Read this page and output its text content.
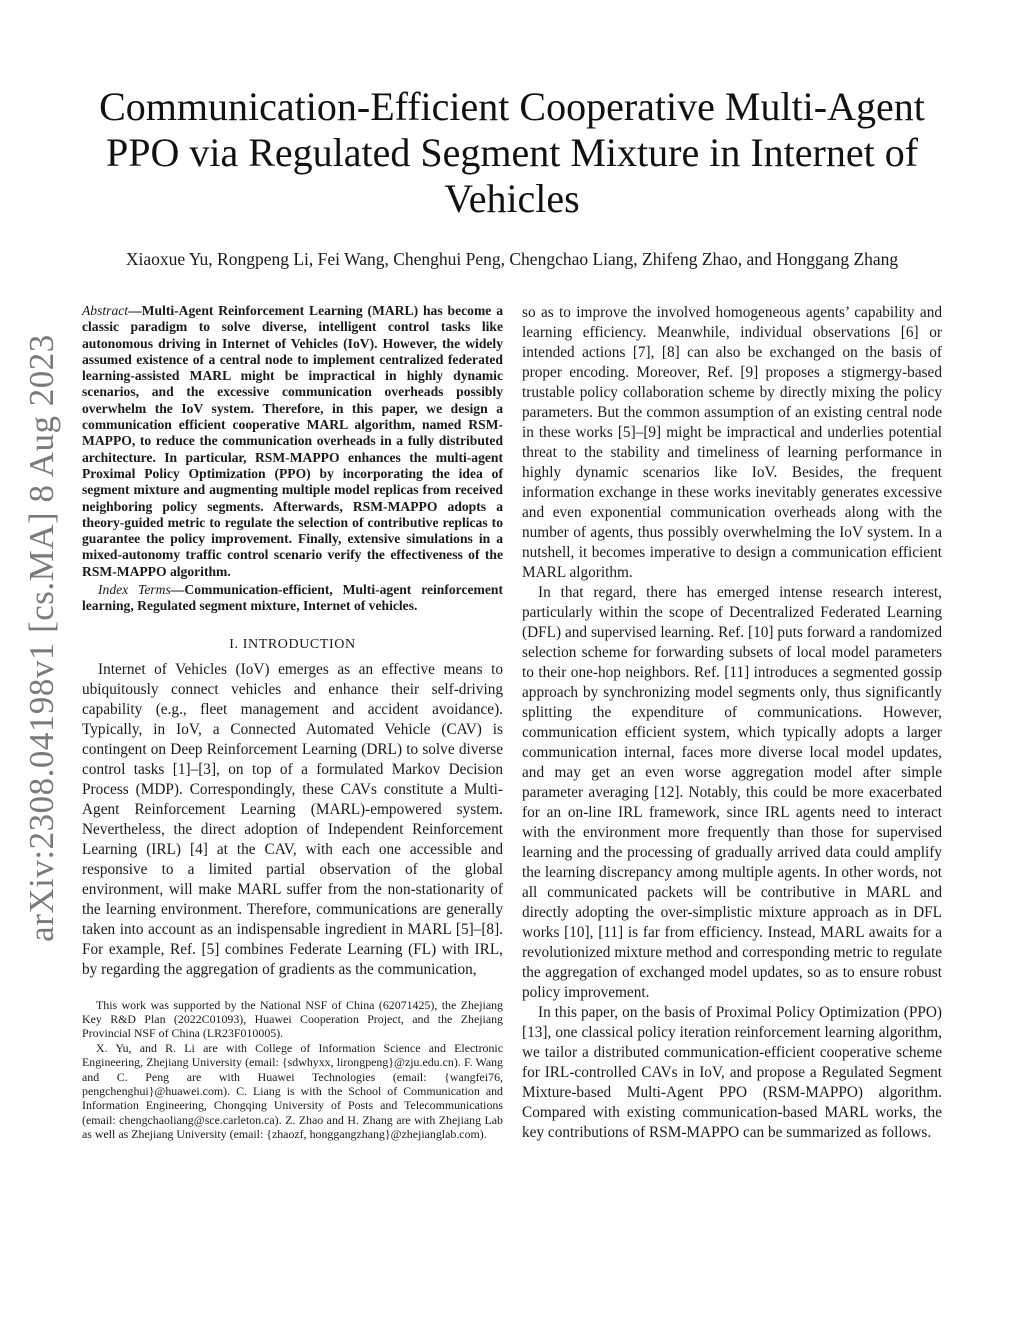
arXiv:2308.04198v1 [cs.MA] 8 Aug 2023
Communication-Efficient Cooperative Multi-Agent PPO via Regulated Segment Mixture in Internet of Vehicles
Xiaoxue Yu, Rongpeng Li, Fei Wang, Chenghui Peng, Chengchao Liang, Zhifeng Zhao, and Honggang Zhang

Abstract—Multi-Agent Reinforcement Learning (MARL) has become a classic paradigm to solve diverse, intelligent control tasks like autonomous driving in Internet of Vehicles (IoV). However, the widely assumed existence of a central node to implement centralized federated learning-assisted MARL might be impractical in highly dynamic scenarios, and the excessive communication overheads possibly overwhelm the IoV system. Therefore, in this paper, we design a communication efficient cooperative MARL algorithm, named RSM-MAPPO, to reduce the communication overheads in a fully distributed architecture. In particular, RSM-MAPPO enhances the multi-agent Proximal Policy Optimization (PPO) by incorporating the idea of segment mixture and augmenting multiple model replicas from received neighboring policy segments. Afterwards, RSM-MAPPO adopts a theory-guided metric to regulate the selection of contributive replicas to guarantee the policy improvement. Finally, extensive simulations in a mixed-autonomy traffic control scenario verify the effectiveness of the RSM-MAPPO algorithm.

Index Terms—Communication-efficient, Multi-agent reinforcement learning, Regulated segment mixture, Internet of vehicles.

I. INTRODUCTION

Internet of Vehicles (IoV) emerges as an effective means to ubiquitously connect vehicles and enhance their self-driving capability (e.g., fleet management and accident avoidance). Typically, in IoV, a Connected Automated Vehicle (CAV) is contingent on Deep Reinforcement Learning (DRL) to solve diverse control tasks [1]–[3], on top of a formulated Markov Decision Process (MDP). Correspondingly, these CAVs constitute a Multi-Agent Reinforcement Learning (MARL)-empowered system. Nevertheless, the direct adoption of Independent Reinforcement Learning (IRL) [4] at the CAV, with each one accessible and responsive to a limited partial observation of the global environment, will make MARL suffer from the non-stationarity of the learning environment. Therefore, communications are generally taken into account as an indispensable ingredient in MARL [5]–[8]. For example, Ref. [5] combines Federate Learning (FL) with IRL, by regarding the aggregation of gradients as the communication,

This work was supported by the National NSF of China (62071425), the Zhejiang Key R&D Plan (2022C01093), Huawei Cooperation Project, and the Zhejiang Provincial NSF of China (LR23F010005).

X. Yu, and R. Li are with College of Information Science and Electronic Engineering, Zhejiang University (email: {sdwhyxx, lirongpeng}@zju.edu.cn). F. Wang and C. Peng are with Huawei Technologies (email: {wangfei76, pengchenghui}@huawei.com). C. Liang is with the School of Communication and Information Engineering, Chongqing University of Posts and Telecommunications (email: chengchaoliang@sce.carleton.ca). Z. Zhao and H. Zhang are with Zhejiang Lab as well as Zhejiang University (email: {zhaozf, honggangzhang}@zhejianglab.com).

so as to improve the involved homogeneous agents’ capability and learning efficiency. Meanwhile, individual observations [6] or intended actions [7], [8] can also be exchanged on the basis of proper encoding. Moreover, Ref. [9] proposes a stigmergy-based trustable policy collaboration scheme by directly mixing the policy parameters. But the common assumption of an existing central node in these works [5]–[9] might be impractical and underlies potential threat to the stability and timeliness of learning performance in highly dynamic scenarios like IoV. Besides, the frequent information exchange in these works inevitably generates excessive and even exponential communication overheads along with the number of agents, thus possibly overwhelming the IoV system. In a nutshell, it becomes imperative to design a communication efficient MARL algorithm.

In that regard, there has emerged intense research interest, particularly within the scope of Decentralized Federated Learning (DFL) and supervised learning. Ref. [10] puts forward a randomized selection scheme for forwarding subsets of local model parameters to their one-hop neighbors. Ref. [11] introduces a segmented gossip approach by synchronizing model segments only, thus significantly splitting the expenditure of communications. However, communication efficient system, which typically adopts a larger communication internal, faces more diverse local model updates, and may get an even worse aggregation model after simple parameter averaging [12]. Notably, this could be more exacerbated for an on-line IRL framework, since IRL agents need to interact with the environment more frequently than those for supervised learning and the processing of gradually arrived data could amplify the learning discrepancy among multiple agents. In other words, not all communicated packets will be contributive in MARL and directly adopting the over-simplistic mixture approach as in DFL works [10], [11] is far from efficiency. Instead, MARL awaits for a revolutionized mixture method and corresponding metric to regulate the aggregation of exchanged model updates, so as to ensure robust policy improvement.

In this paper, on the basis of Proximal Policy Optimization (PPO) [13], one classical policy iteration reinforcement learning algorithm, we tailor a distributed communication-efficient cooperative scheme for IRL-controlled CAVs in IoV, and propose a Regulated Segment Mixture-based Multi-Agent PPO (RSM-MAPPO) algorithm. Compared with existing communication-based MARL works, the key contributions of RSM-MAPPO can be summarized as follows.
